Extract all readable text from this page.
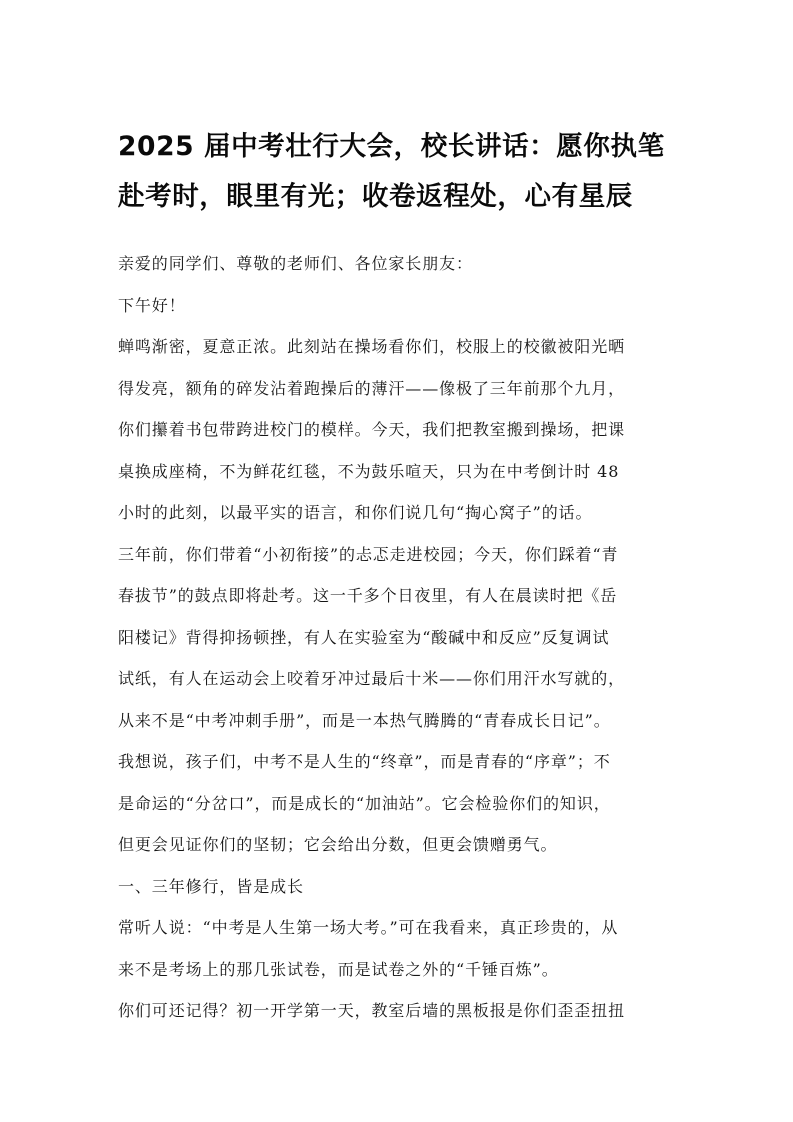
2025 届中考壮行大会，校长讲话：愿你执笔
赴考时，眼里有光；收卷返程处，心有星辰
亲爱的同学们、尊敬的老师们、各位家长朋友：
下午好！
蝉鸣渐密，夏意正浓。此刻站在操场看你们，校服上的校徽被阳光晒
得发亮，额角的碎发沾着跑操后的薄汗——像极了三年前那个九月，
你们攥着书包带跨进校门的模样。今天，我们把教室搬到操场，把课
桌换成座椅，不为鲜花红毯，不为鼓乐喧天，只为在中考倒计时 48
小时的此刻，以最平实的语言，和你们说几句“掏心窝子”的话。
三年前，你们带着“小初衔接”的忐忑走进校园；今天，你们踩着“青
春拔节”的鼓点即将赴考。这一千多个日夜里，有人在晨读时把《岳
阳楼记》背得抑扬顿挫，有人在实验室为“酸碱中和反应”反复调试
试纸，有人在运动会上咬着牙冲过最后十米——你们用汗水写就的，
从来不是“中考冲刺手册”，而是一本热气腾腾的“青春成长日记”。
我想说，孩子们，中考不是人生的“终章”，而是青春的“序章”；不
是命运的“分岔口”，而是成长的“加油站”。它会检验你们的知识，
但更会见证你们的坚韧；它会给出分数，但更会馈赠勇气。
一、三年修行，皆是成长
常听人说：“中考是人生第一场大考。”可在我看来，真正珍贵的，从
来不是考场上的那几张试卷，而是试卷之外的“千锤百炼”。
你们可还记得？初一开学第一天，教室后墙的黑板报是你们歪歪扭扭
